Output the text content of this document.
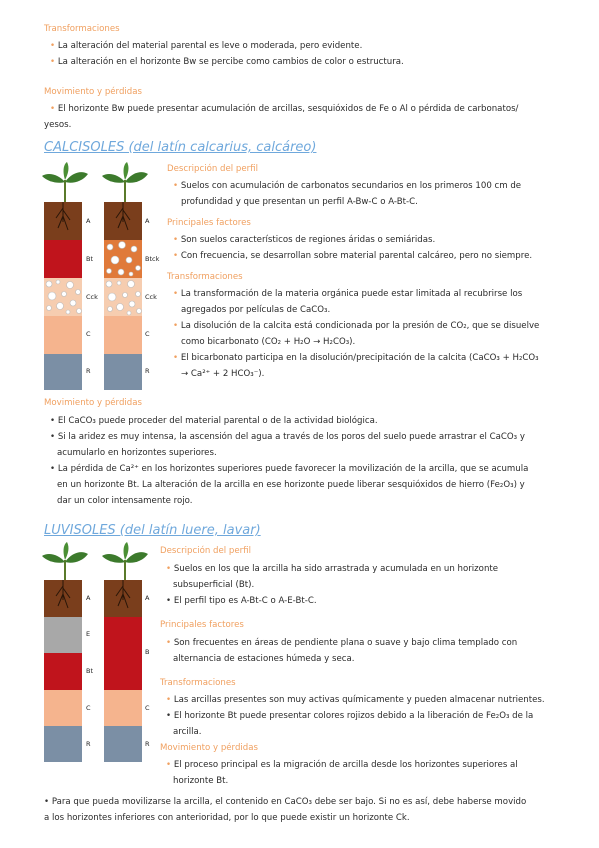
Transformaciones
• La alteración del material parental es leve o moderada, pero evidente.
• La alteración en el horizonte Bw se percibe como cambios de color o estructura.
Movimiento y pérdidas
• El horizonte Bw puede presentar acumulación de arcillas, sesquióxidos de Fe o Al o pérdida de carbonatos/
yesos.
CALCISOLES (del latín calcarius, calcáreo)
A
Bt
Cck
C
R
A
Btck
Cck
C
R
Descripción del perfil
• Suelos con acumulación de carbonatos secundarios en los primeros 100 cm de
profundidad y que presentan un perfil A-Bw-C o A-Bt-C.
Principales factores
• Son suelos característicos de regiones áridas o semiáridas.
• Con frecuencia, se desarrollan sobre material parental calcáreo, pero no siempre.
Transformaciones
• La transformación de la materia orgánica puede estar limitada al recubrirse los
agregados por películas de CaCO₃.
• La disolución de la calcita está condicionada por la presión de CO₂, que se disuelve
como bicarbonato (CO₂ + H₂O → H₂CO₃).
• El bicarbonato participa en la disolución/precipitación de la calcita (CaCO₃ + H₂CO₃
→ Ca²⁺ + 2 HCO₃⁻).
Movimiento y pérdidas
• El CaCO₃ puede proceder del material parental o de la actividad biológica.
• Si la aridez es muy intensa, la ascensión del agua a través de los poros del suelo puede arrastrar el CaCO₃ y
acumularlo en horizontes superiores.
• La pérdida de Ca²⁺ en los horizontes superiores puede favorecer la movilización de la arcilla, que se acumula
en un horizonte Bt. La alteración de la arcilla en ese horizonte puede liberar sesquióxidos de hierro (Fe₂O₃) y
dar un color intensamente rojo.
LUVISOLES (del latín luere, lavar)
A
E
Bt
C
R
A
B
C
R
Descripción del perfil
• Suelos en los que la arcilla ha sido arrastrada y acumulada en un horizonte
subsuperficial (Bt).
• El perfil tipo es A-Bt-C o A-E-Bt-C.
Principales factores
• Son frecuentes en áreas de pendiente plana o suave y bajo clima templado con
alternancia de estaciones húmeda y seca.
Transformaciones
• Las arcillas presentes son muy activas químicamente y pueden almacenar nutrientes.
• El horizonte Bt puede presentar colores rojizos debido a la liberación de Fe₂O₃ de la
arcilla.
Movimiento y pérdidas
• El proceso principal es la migración de arcilla desde los horizontes superiores al
horizonte Bt.
• Para que pueda movilizarse la arcilla, el contenido en CaCO₃ debe ser bajo. Si no es así, debe haberse movido
a los horizontes inferiores con anterioridad, por lo que puede existir un horizonte Ck.
